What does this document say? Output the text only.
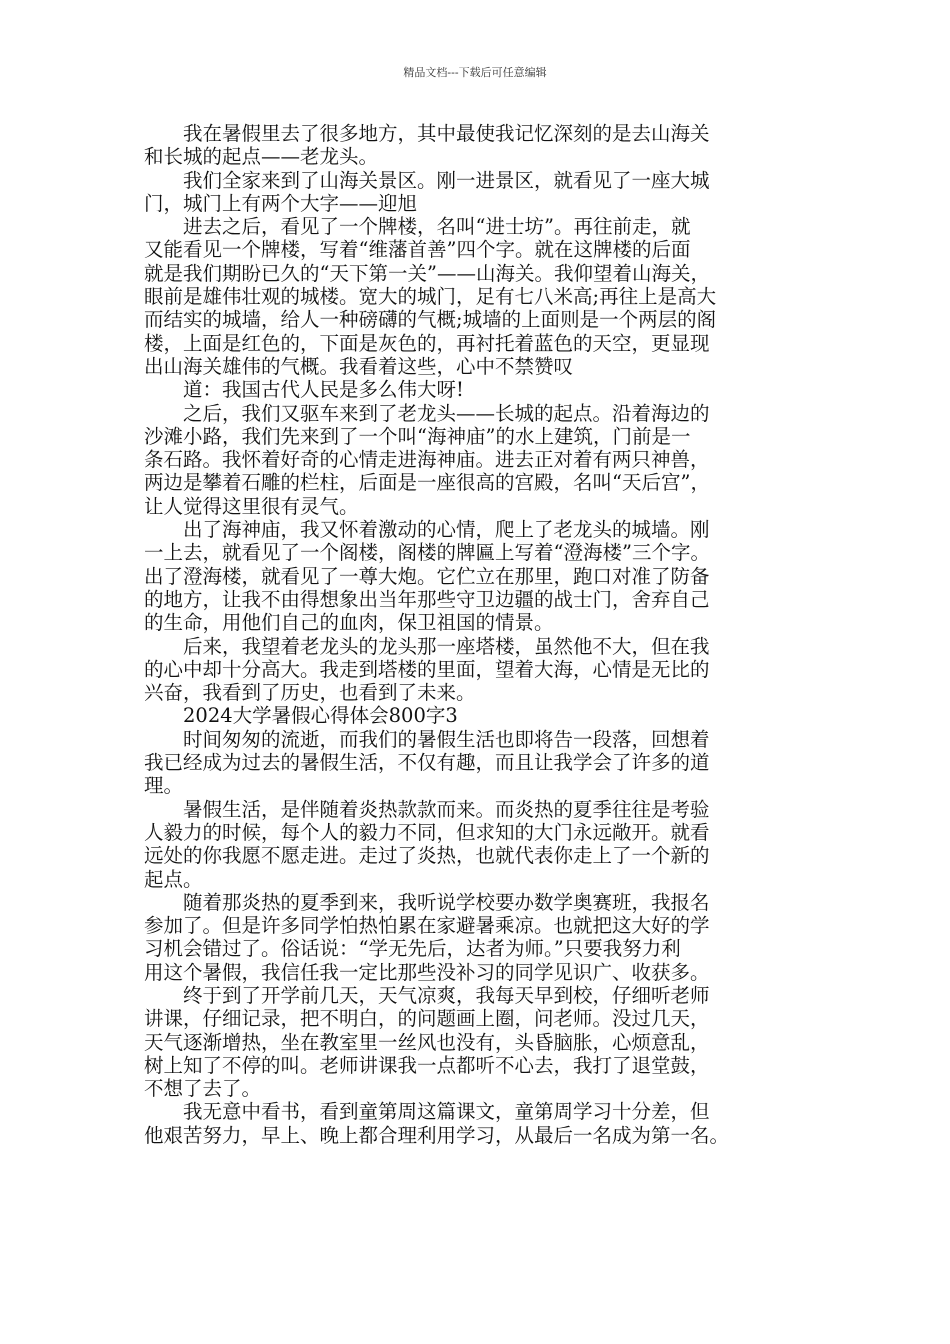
精品文档---下载后可任意编辑

我在暑假里去了很多地方，其中最使我记忆深刻的是去山海关
和长城的起点——老龙头。

我们全家来到了山海关景区。刚一进景区，就看见了一座大城
门，城门上有两个大字——迎旭

进去之后，看见了一个牌楼，名叫“进士坊”。再往前走，就
又能看见一个牌楼，写着“维藩首善”四个字。就在这牌楼的后面
就是我们期盼已久的“天下第一关”——山海关。我仰望着山海关，
眼前是雄伟壮观的城楼。宽大的城门，足有七八米高;再往上是高大
而结实的城墙，给人一种磅礴的气概;城墙的上面则是一个两层的阁
楼，上面是红色的，下面是灰色的，再衬托着蓝色的天空，更显现
出山海关雄伟的气概。我看着这些，心中不禁赞叹

道：我国古代人民是多么伟大呀!

之后，我们又驱车来到了老龙头——长城的起点。沿着海边的
沙滩小路，我们先来到了一个叫“海神庙”的水上建筑，门前是一
条石路。我怀着好奇的心情走进海神庙。进去正对着有两只神兽，
两边是攀着石雕的栏柱，后面是一座很高的宫殿，名叫“天后宫”，
让人觉得这里很有灵气。

出了海神庙，我又怀着激动的心情，爬上了老龙头的城墙。刚
一上去，就看见了一个阁楼，阁楼的牌匾上写着“澄海楼”三个字。
出了澄海楼，就看见了一尊大炮。它伫立在那里，跑口对准了防备
的地方，让我不由得想象出当年那些守卫边疆的战士门，舍弃自己
的生命，用他们自己的血肉，保卫祖国的情景。

后来，我望着老龙头的龙头那一座塔楼，虽然他不大，但在我
的心中却十分高大。我走到塔楼的里面，望着大海，心情是无比的
兴奋，我看到了历史，也看到了未来。

2024大学暑假心得体会800字3

时间匆匆的流逝，而我们的暑假生活也即将告一段落，回想着
我已经成为过去的暑假生活，不仅有趣，而且让我学会了许多的道
理。

暑假生活，是伴随着炎热款款而来。而炎热的夏季往往是考验
人毅力的时候，每个人的毅力不同，但求知的大门永远敞开。就看
远处的你我愿不愿走进。走过了炎热，也就代表你走上了一个新的
起点。

随着那炎热的夏季到来，我听说学校要办数学奥赛班，我报名
参加了。但是许多同学怕热怕累在家避暑乘凉。也就把这大好的学
习机会错过了。俗话说：“学无先后，达者为师。”只要我努力利
用这个暑假，我信任我一定比那些没补习的同学见识广、收获多。

终于到了开学前几天，天气凉爽，我每天早到校，仔细听老师
讲课，仔细记录，把不明白，的问题画上圈，问老师。没过几天，
天气逐渐增热，坐在教室里一丝风也没有，头昏脑胀，心烦意乱，
树上知了不停的叫。老师讲课我一点都听不心去，我打了退堂鼓，
不想了去了。

我无意中看书，看到童第周这篇课文，童第周学习十分差，但
他艰苦努力，早上、晚上都合理利用学习，从最后一名成为第一名。
